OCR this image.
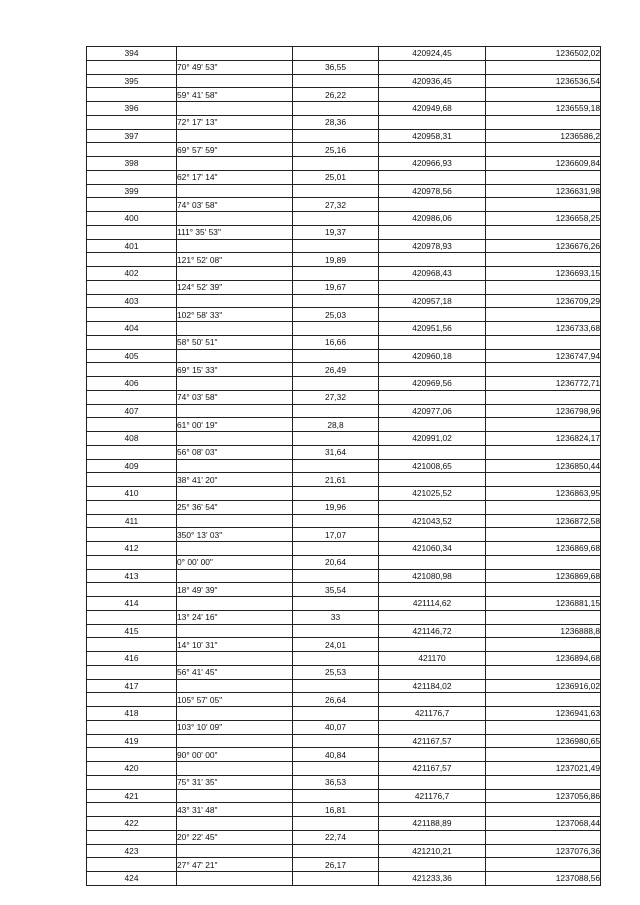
394			420924,45	1236502,02
	70° 49' 53"	36,55		
395			420936,45	1236536,54
	59° 41' 58"	26,22		
396			420949,68	1236559,18
	72° 17' 13"	28,36		
397			420958,31	1236586,2
	69° 57' 59"	25,16		
398			420966,93	1236609,84
	62° 17' 14"	25,01		
399			420978,56	1236631,98
	74° 03' 58"	27,32		
400			420986,06	1236658,25
	111° 35' 53"	19,37		
401			420978,93	1236676,26
	121° 52' 08"	19,89		
402			420968,43	1236693,15
	124° 52' 39"	19,67		
403			420957,18	1236709,29
	102° 58' 33"	25,03		
404			420951,56	1236733,68
	58° 50' 51"	16,66		
405			420960,18	1236747,94
	69° 15' 33"	26,49		
406			420969,56	1236772,71
	74° 03' 58"	27,32		
407			420977,06	1236798,96
	61° 00' 19"	28,8		
408			420991,02	1236824,17
	56° 08' 03"	31,64		
409			421008,65	1236850,44
	38° 41' 20"	21,61		
410			421025,52	1236863,95
	25° 36' 54"	19,96		
411			421043,52	1236872,58
	350° 13' 03"	17,07		
412			421060,34	1236869,68
	0° 00' 00"	20,64		
413			421080,98	1236869,68
	18° 49' 39"	35,54		
414			421114,62	1236881,15
	13° 24' 16"	33		
415			421146,72	1236888,8
	14° 10' 31"	24,01		
416			421170	1236894,68
	56° 41' 45"	25,53		
417			421184,02	1236916,02
	105° 57' 05"	26,64		
418			421176,7	1236941,63
	103° 10' 09"	40,07		
419			421167,57	1236980,65
	90° 00' 00"	40,84		
420			421167,57	1237021,49
	75° 31' 35"	36,53		
421			421176,7	1237056,86
	43° 31' 48"	16,81		
422			421188,89	1237068,44
	20° 22' 45"	22,74		
423			421210,21	1237076,36
	27° 47' 21"	26,17		
424			421233,36	1237088,56
